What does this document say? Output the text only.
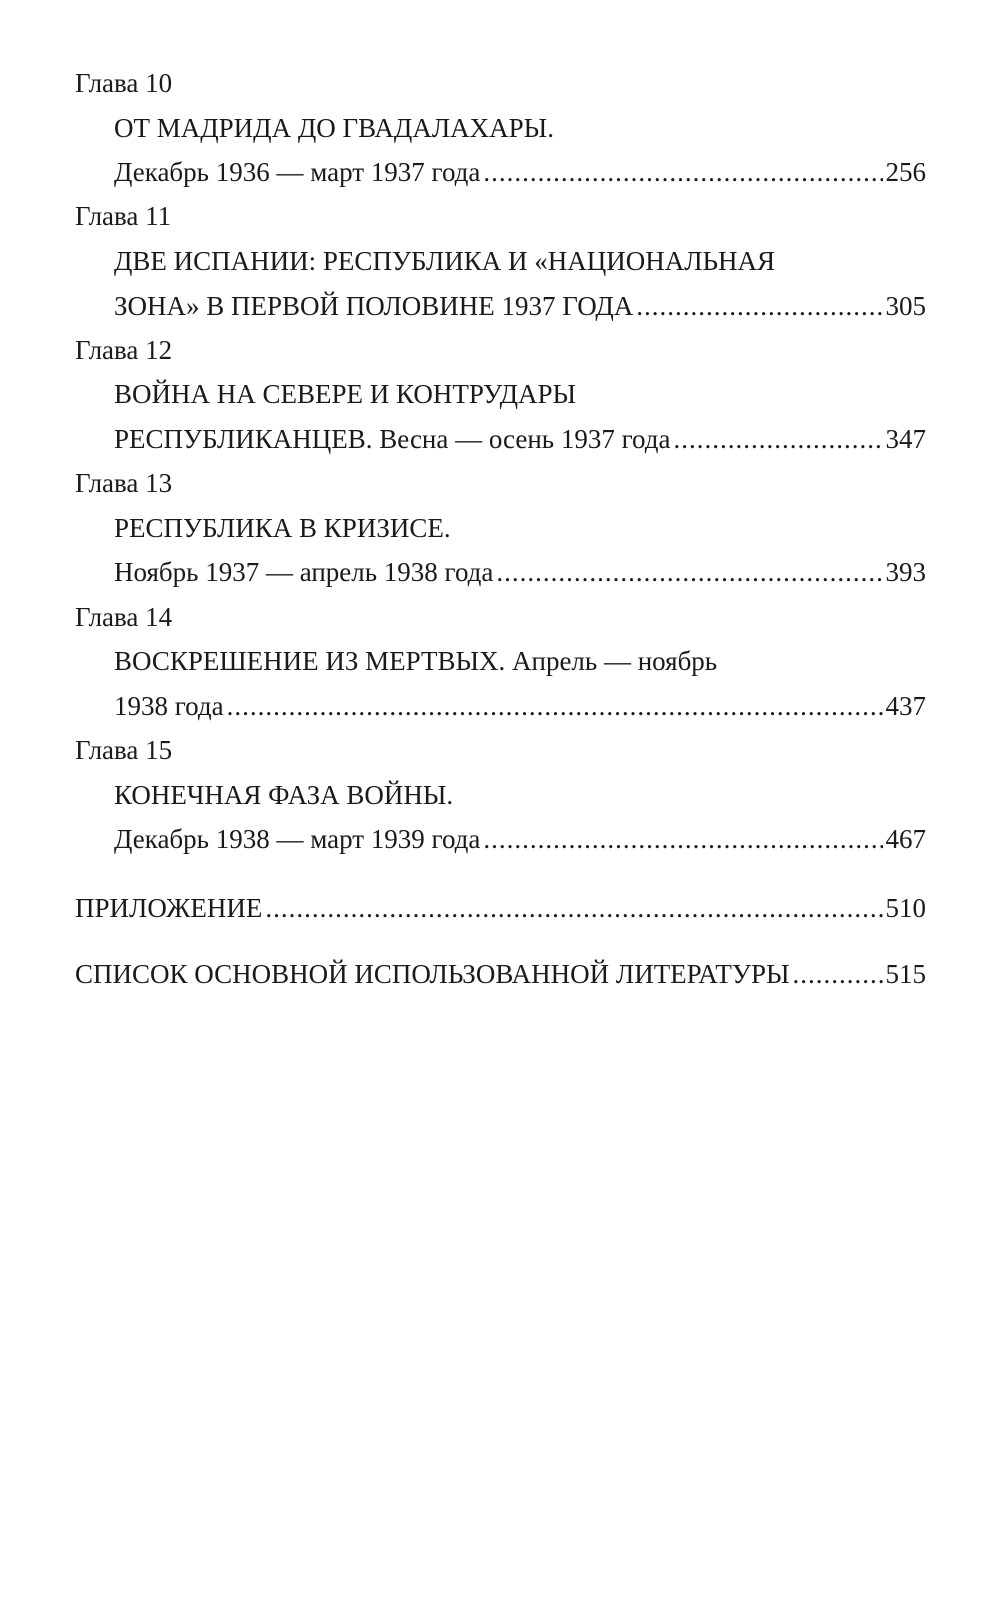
Глава 10
ОТ МАДРИДА ДО ГВАДАЛАХАРЫ.
Декабрь 1936 — март 1937 года .....	256
Глава 11
ДВЕ ИСПАНИИ: РЕСПУБЛИКА И «НАЦИОНАЛЬНАЯ
ЗОНА» В ПЕРВОЙ ПОЛОВИНЕ 1937 ГОДА .....	305
Глава 12
ВОЙНА НА СЕВЕРЕ И КОНТРУДАРЫ
РЕСПУБЛИКАНЦЕВ. Весна — осень 1937 года .....	347
Глава 13
РЕСПУБЛИКА В КРИЗИСЕ.
Ноябрь 1937 — апрель 1938 года .....	393
Глава 14
ВОСКРЕШЕНИЕ ИЗ МЕРТВЫХ. Апрель — ноябрь
1938 года .....	437
Глава 15
КОНЕЧНАЯ ФАЗА ВОЙНЫ.
Декабрь 1938 — март 1939 года .....	467
ПРИЛОЖЕНИЕ .....	510
СПИСОК ОСНОВНОЙ ИСПОЛЬЗОВАННОЙ ЛИТЕРАТУРЫ .....	515
